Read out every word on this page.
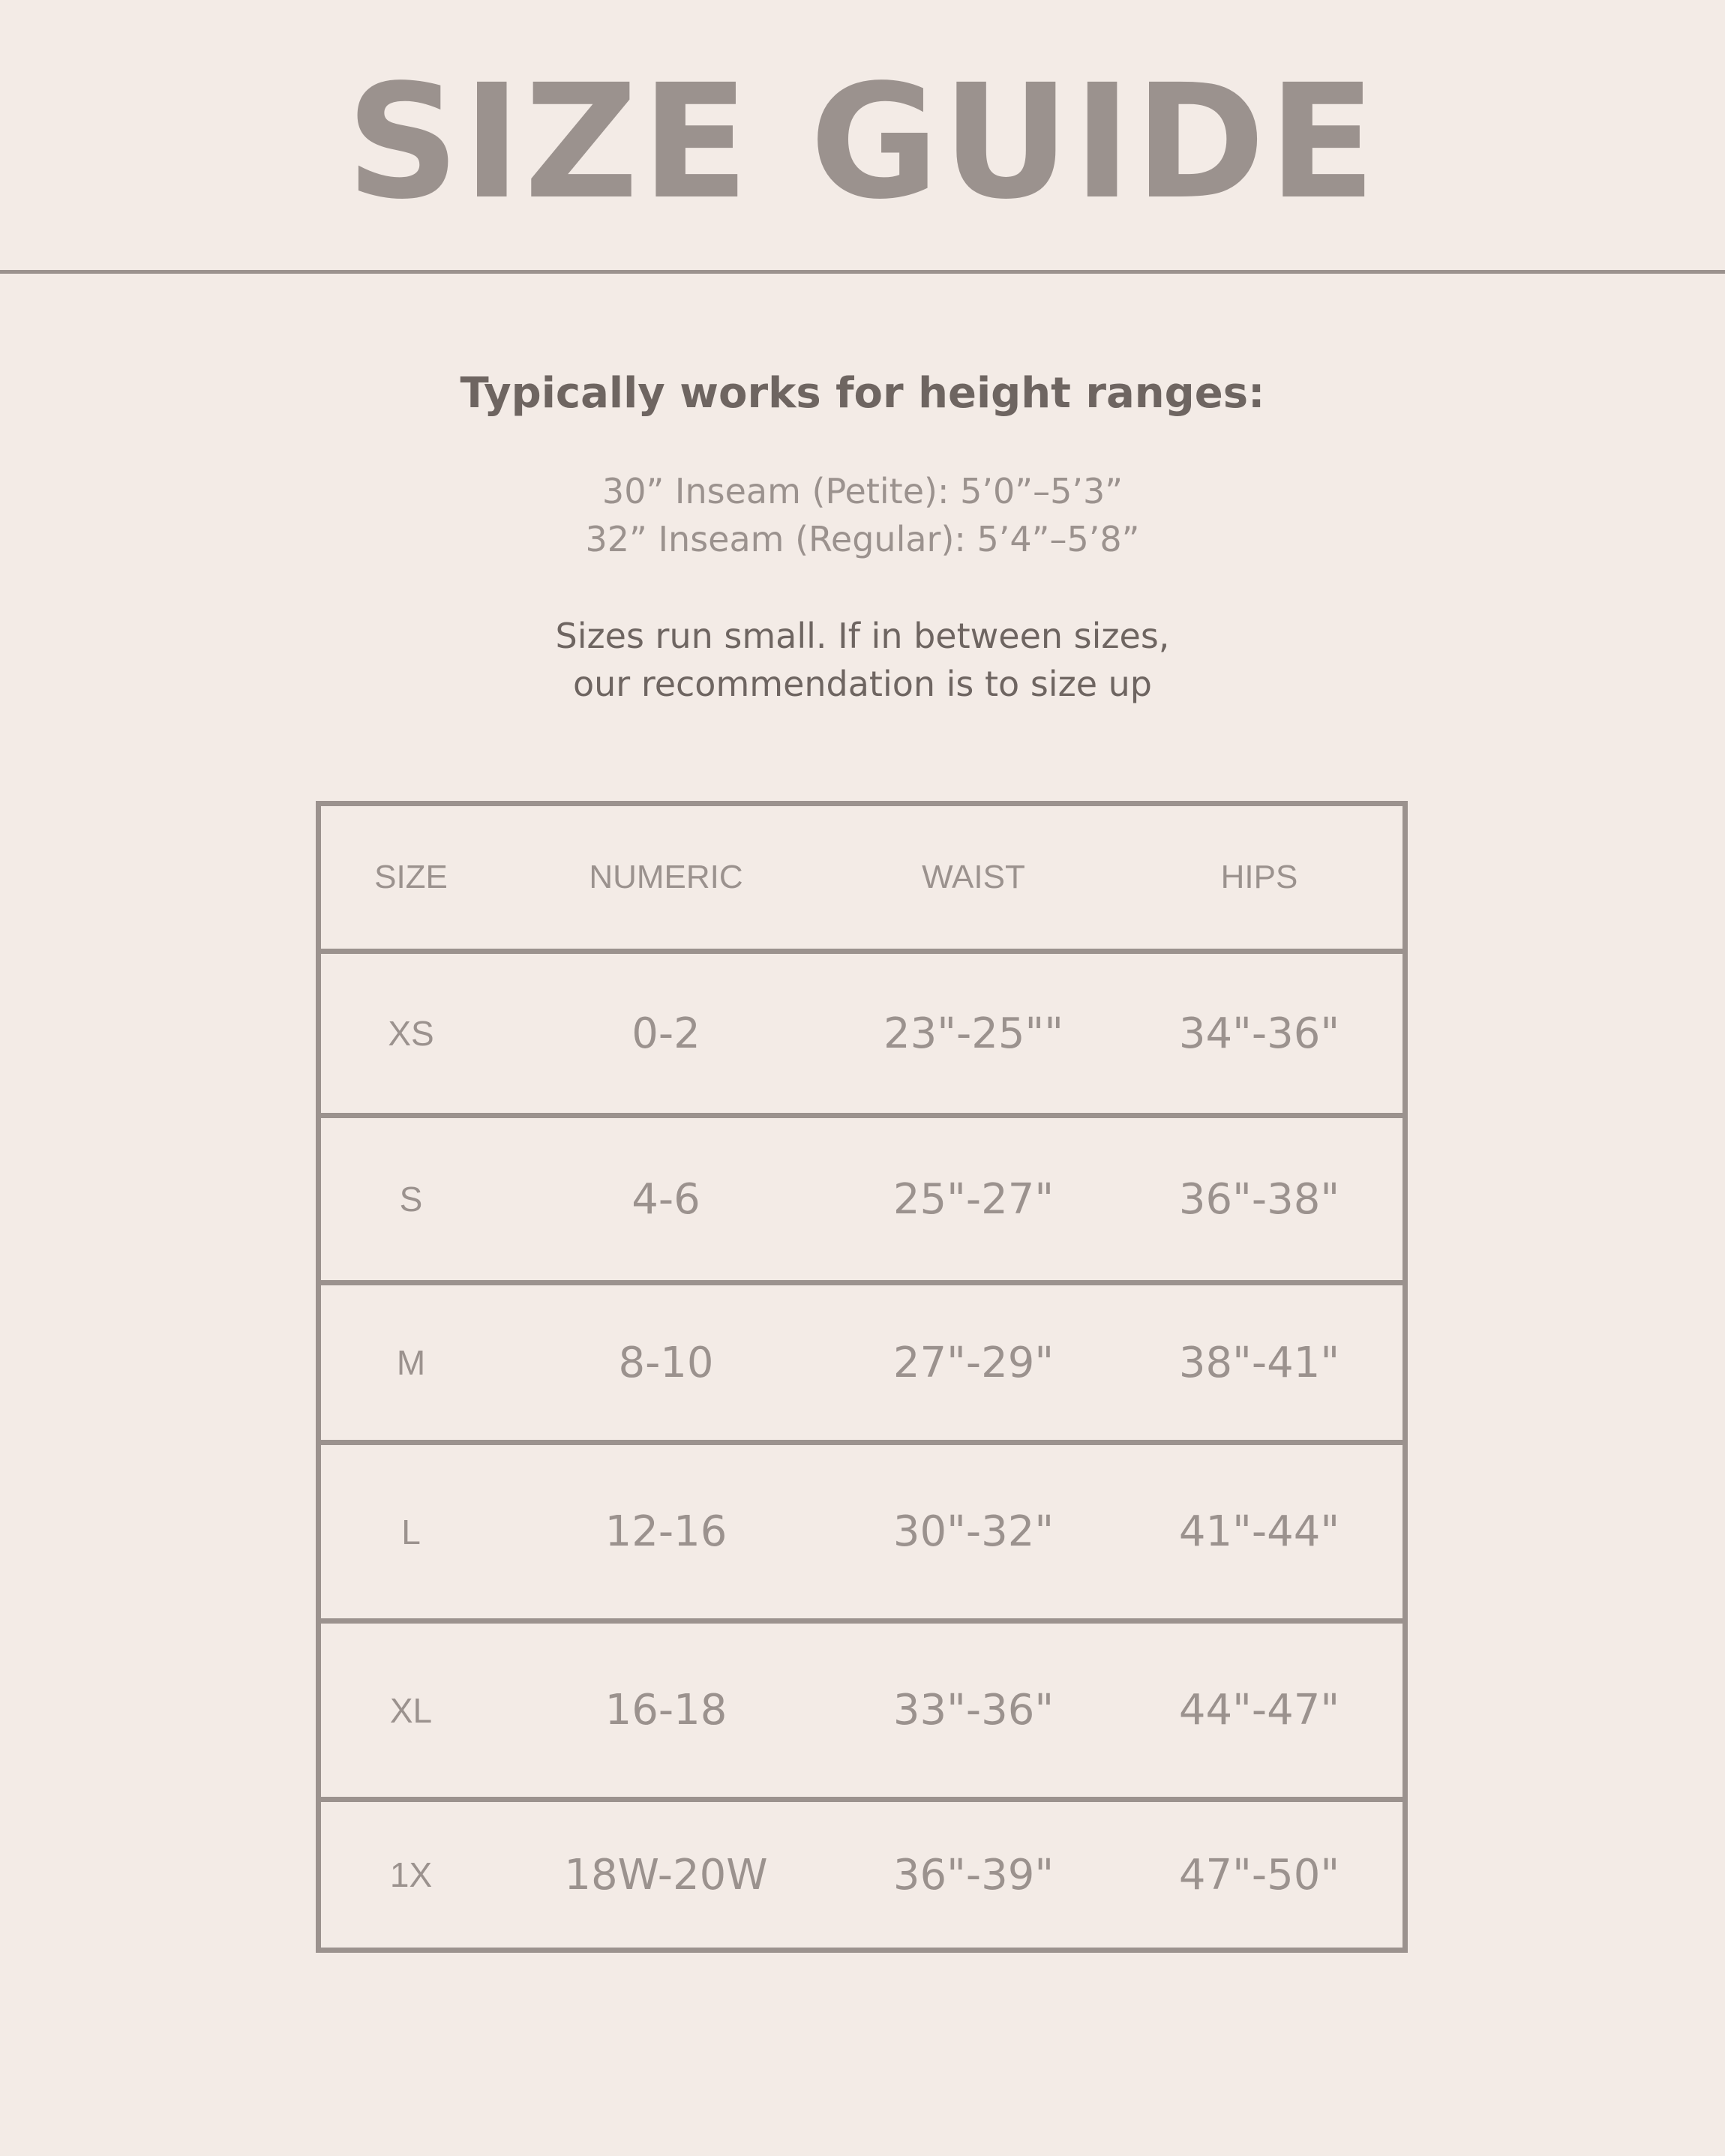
SIZE GUIDE
Typically works for height ranges:
30” Inseam (Petite): 5’0”–5’3”
32” Inseam (Regular): 5’4”–5’8”
Sizes run small. If in between sizes,
our recommendation is to size up
SIZE	NUMERIC	WAIST	HIPS
XS	0-2	23"-25""	34"-36"
S	4-6	25"-27"	36"-38"
M	8-10	27"-29"	38"-41"
L	12-16	30"-32"	41"-44"
XL	16-18	33"-36"	44"-47"
1X	18W-20W	36"-39"	47"-50"
